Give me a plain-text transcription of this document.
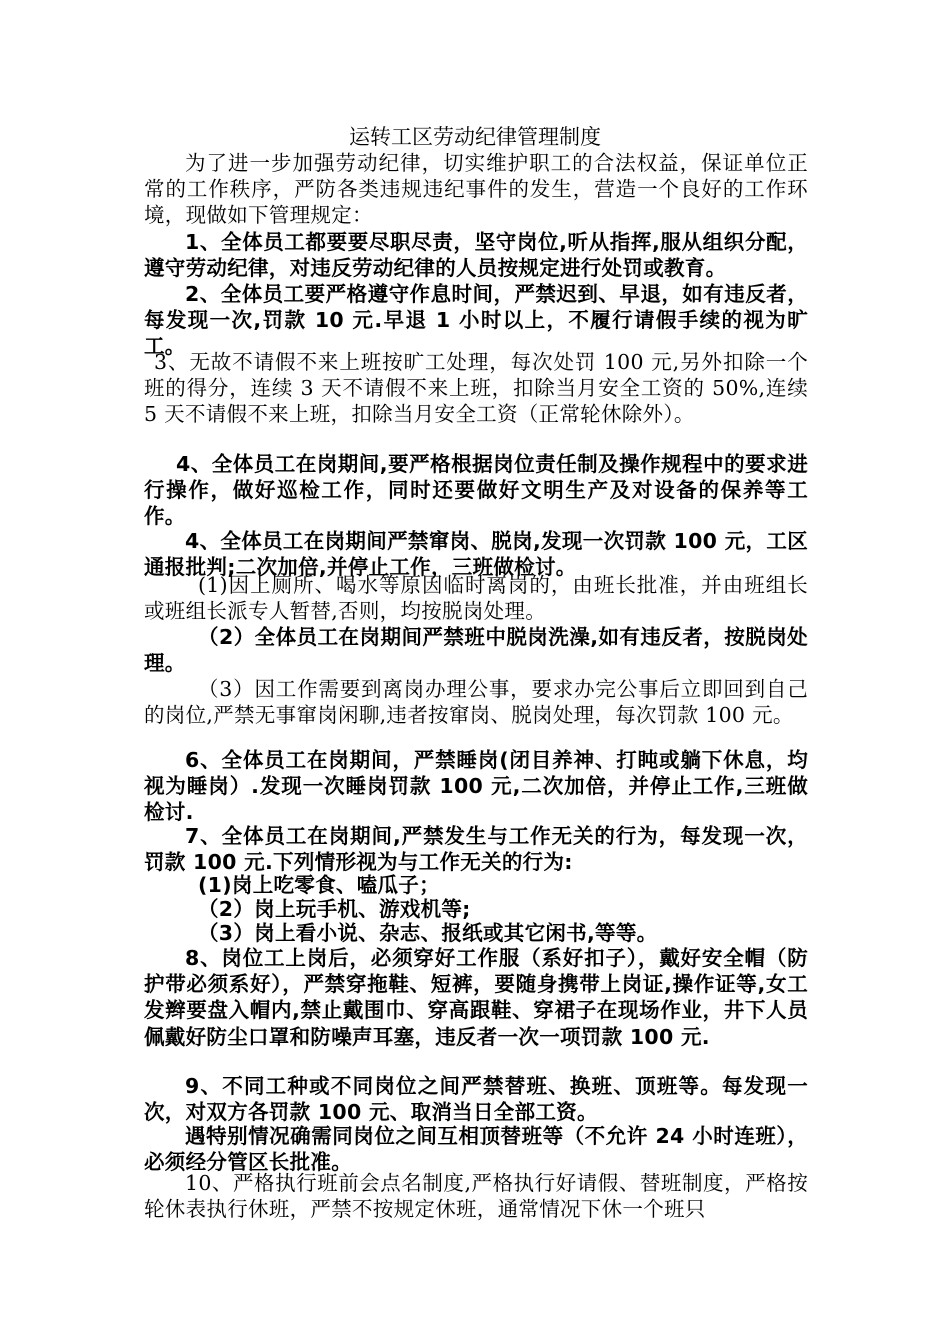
运转工区劳动纪律管理制度
为了进一步加强劳动纪律，切实维护职工的合法权益，保证单位正常的工作秩序，严防各类违规违纪事件的发生，营造一个良好的工作环境，现做如下管理规定：
1、全体员工都要要尽职尽责，坚守岗位,听从指挥,服从组织分配，遵守劳动纪律，对违反劳动纪律的人员按规定进行处罚或教育。
2、全体员工要严格遵守作息时间，严禁迟到、早退，如有违反者，每发现一次,罚款 10 元.早退 1 小时以上，不履行请假手续的视为旷工。
3、无故不请假不来上班按旷工处理，每次处罚 100 元,另外扣除一个班的得分，连续 3 天不请假不来上班，扣除当月安全工资的 50%,连续 5 天不请假不来上班，扣除当月安全工资（正常轮休除外）。
4、全体员工在岗期间,要严格根据岗位责任制及操作规程中的要求进行操作，做好巡检工作，同时还要做好文明生产及对设备的保养等工作。
4、全体员工在岗期间严禁窜岗、脱岗,发现一次罚款 100 元，工区通报批判;二次加倍,并停止工作，三班做检讨。
(1)因上厕所、喝水等原因临时离岗的，由班长批准，并由班组长或班组长派专人暂替,否则，均按脱岗处理。
（2）全体员工在岗期间严禁班中脱岗洗澡,如有违反者，按脱岗处理。
（3）因工作需要到离岗办理公事，要求办完公事后立即回到自己的岗位,严禁无事窜岗闲聊,违者按窜岗、脱岗处理，每次罚款 100 元。
6、全体员工在岗期间，严禁睡岗(闭目养神、打盹或躺下休息，均视为睡岗）.发现一次睡岗罚款 100 元,二次加倍，并停止工作,三班做检讨.
7、全体员工在岗期间,严禁发生与工作无关的行为，每发现一次，罚款 100 元.下列情形视为与工作无关的行为:
(1)岗上吃零食、嗑瓜子；
（2）岗上玩手机、游戏机等;
（3）岗上看小说、杂志、报纸或其它闲书,等等。
8、岗位工上岗后，必须穿好工作服（系好扣子），戴好安全帽（防护带必须系好），严禁穿拖鞋、短裤，要随身携带上岗证,操作证等,女工发辫要盘入帽内,禁止戴围巾、穿高跟鞋、穿裙子在现场作业，井下人员佩戴好防尘口罩和防噪声耳塞，违反者一次一项罚款 100 元.
9、不同工种或不同岗位之间严禁替班、换班、顶班等。每发现一次，对双方各罚款 100 元、取消当日全部工资。
遇特别情况确需同岗位之间互相顶替班等（不允许 24 小时连班），必须经分管区长批准。
10、严格执行班前会点名制度,严格执行好请假、替班制度，严格按轮休表执行休班，严禁不按规定休班，通常情况下休一个班只
